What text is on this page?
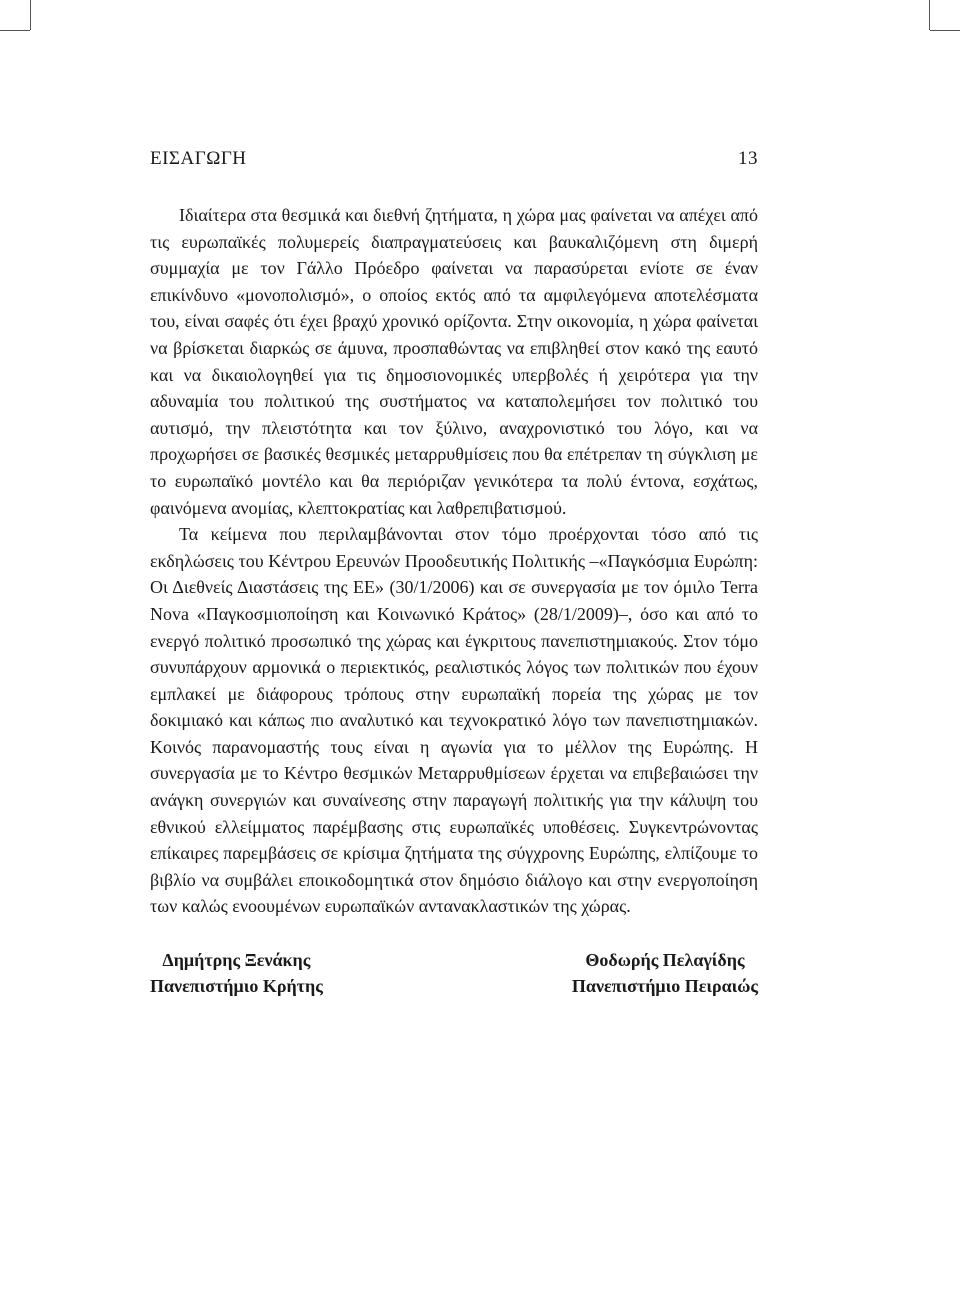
ΕΙΣΑΓΩΓΗ	13

Ιδιαίτερα στα θεσμικά και διεθνή ζητήματα, η χώρα μας φαίνεται να απέχει από τις ευρωπαϊκές πολυμερείς διαπραγματεύσεις και βαυκαλιζόμενη στη διμερή συμμαχία με τον Γάλλο Πρόεδρο φαίνεται να παρασύρεται ενίοτε σε έναν επικίνδυνο «μονοπολισμό», ο οποίος εκτός από τα αμφιλεγόμενα αποτελέσματα του, είναι σαφές ότι έχει βραχύ χρονικό ορίζοντα. Στην οικονομία, η χώρα φαίνεται να βρίσκεται διαρκώς σε άμυνα, προσπαθώντας να επιβληθεί στον κακό της εαυτό και να δικαιολογηθεί για τις δημοσιονομικές υπερβολές ή χειρότερα για την αδυναμία του πολιτικού της συστήματος να καταπολεμήσει τον πολιτικό του αυτισμό, την πλειστότητα και τον ξύλινο, αναχρονιστικό του λόγο, και να προχωρήσει σε βασικές θεσμικές μεταρρυθμίσεις που θα επέτρεπαν τη σύγκλιση με το ευρωπαϊκό μοντέλο και θα περιόριζαν γενικότερα τα πολύ έντονα, εσχάτως, φαινόμενα ανομίας, κλεπτοκρατίας και λαθρεπιβατισμού.

Τα κείμενα που περιλαμβάνονται στον τόμο προέρχονται τόσο από τις εκδηλώσεις του Κέντρου Ερευνών Προοδευτικής Πολιτικής –«Παγκόσμια Ευρώπη: Οι Διεθνείς Διαστάσεις της ΕΕ» (30/1/2006) και σε συνεργασία με τον όμιλο Terra Nova «Παγκοσμιοποίηση και Κοινωνικό Κράτος» (28/1/2009)–, όσο και από το ενεργό πολιτικό προσωπικό της χώρας και έγκριτους πανεπιστημιακούς. Στον τόμο συνυπάρχουν αρμονικά ο περιεκτικός, ρεαλιστικός λόγος των πολιτικών που έχουν εμπλακεί με διάφορους τρόπους στην ευρωπαϊκή πορεία της χώρας με τον δοκιμιακό και κάπως πιο αναλυτικό και τεχνοκρατικό λόγο των πανεπιστημιακών. Κοινός παρανομαστής τους είναι η αγωνία για το μέλλον της Ευρώπης. Η συνεργασία με το Κέντρο θεσμικών Μεταρρυθμίσεων έρχεται να επιβεβαιώσει την ανάγκη συνεργιών και συναίνεσης στην παραγωγή πολιτικής για την κάλυψη του εθνικού ελλείμματος παρέμβασης στις ευρωπαϊκές υποθέσεις. Συγκεντρώνοντας επίκαιρες παρεμβάσεις σε κρίσιμα ζητήματα της σύγχρονης Ευρώπης, ελπίζουμε το βιβλίο να συμβάλει εποικοδομητικά στον δημόσιο διάλογο και στην ενεργοποίηση των καλώς ενοουμένων ευρωπαϊκών αντανακλαστικών της χώρας.

Δημήτρης Ξενάκης
Πανεπιστήμιο Κρήτης
Θοδωρής Πελαγίδης
Πανεπιστήμιο Πειραιώς
